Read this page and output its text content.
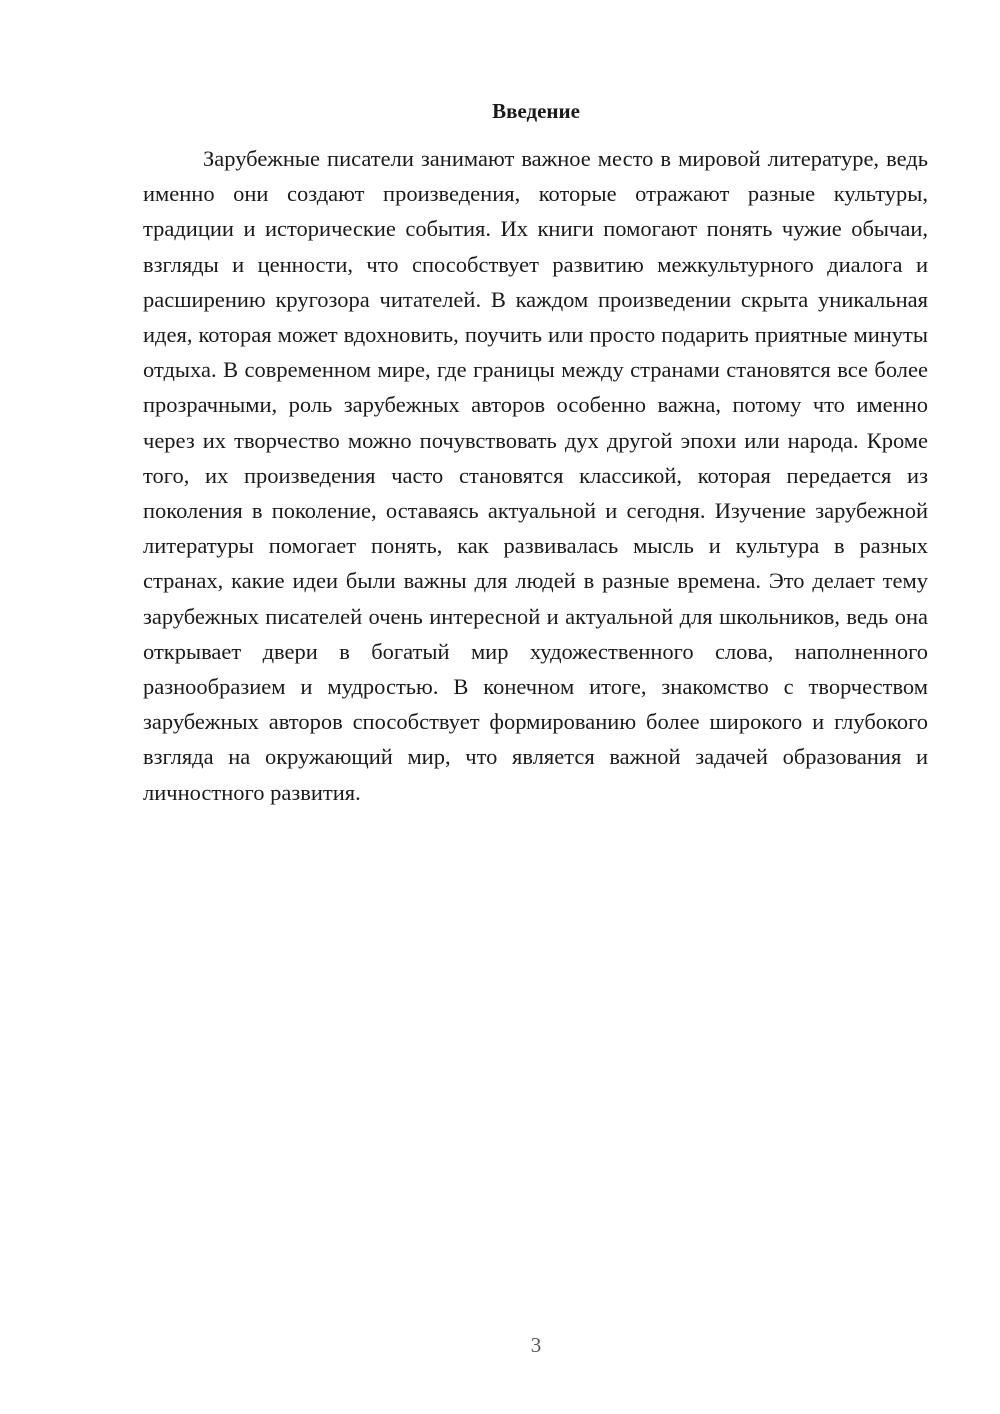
Введение

Зарубежные писатели занимают важное место в мировой литературе, ведь именно они создают произведения, которые отражают разные культуры, традиции и исторические события. Их книги помогают понять чужие обычаи, взгляды и ценности, что способствует развитию межкультурного диалога и расширению кругозора читателей. В каждом произведении скрыта уникальная идея, которая может вдохновить, поучить или просто подарить приятные минуты отдыха. В современном мире, где границы между странами становятся все более прозрачными, роль зарубежных авторов особенно важна, потому что именно через их творчество можно почувствовать дух другой эпохи или народа. Кроме того, их произведения часто становятся классикой, которая передается из поколения в поколение, оставаясь актуальной и сегодня. Изучение зарубежной литературы помогает понять, как развивалась мысль и культура в разных странах, какие идеи были важны для людей в разные времена. Это делает тему зарубежных писателей очень интересной и актуальной для школьников, ведь она открывает двери в богатый мир художественного слова, наполненного разнообразием и мудростью. В конечном итоге, знакомство с творчеством зарубежных авторов способствует формированию более широкого и глубокого взгляда на окружающий мир, что является важной задачей образования и личностного развития.

3
